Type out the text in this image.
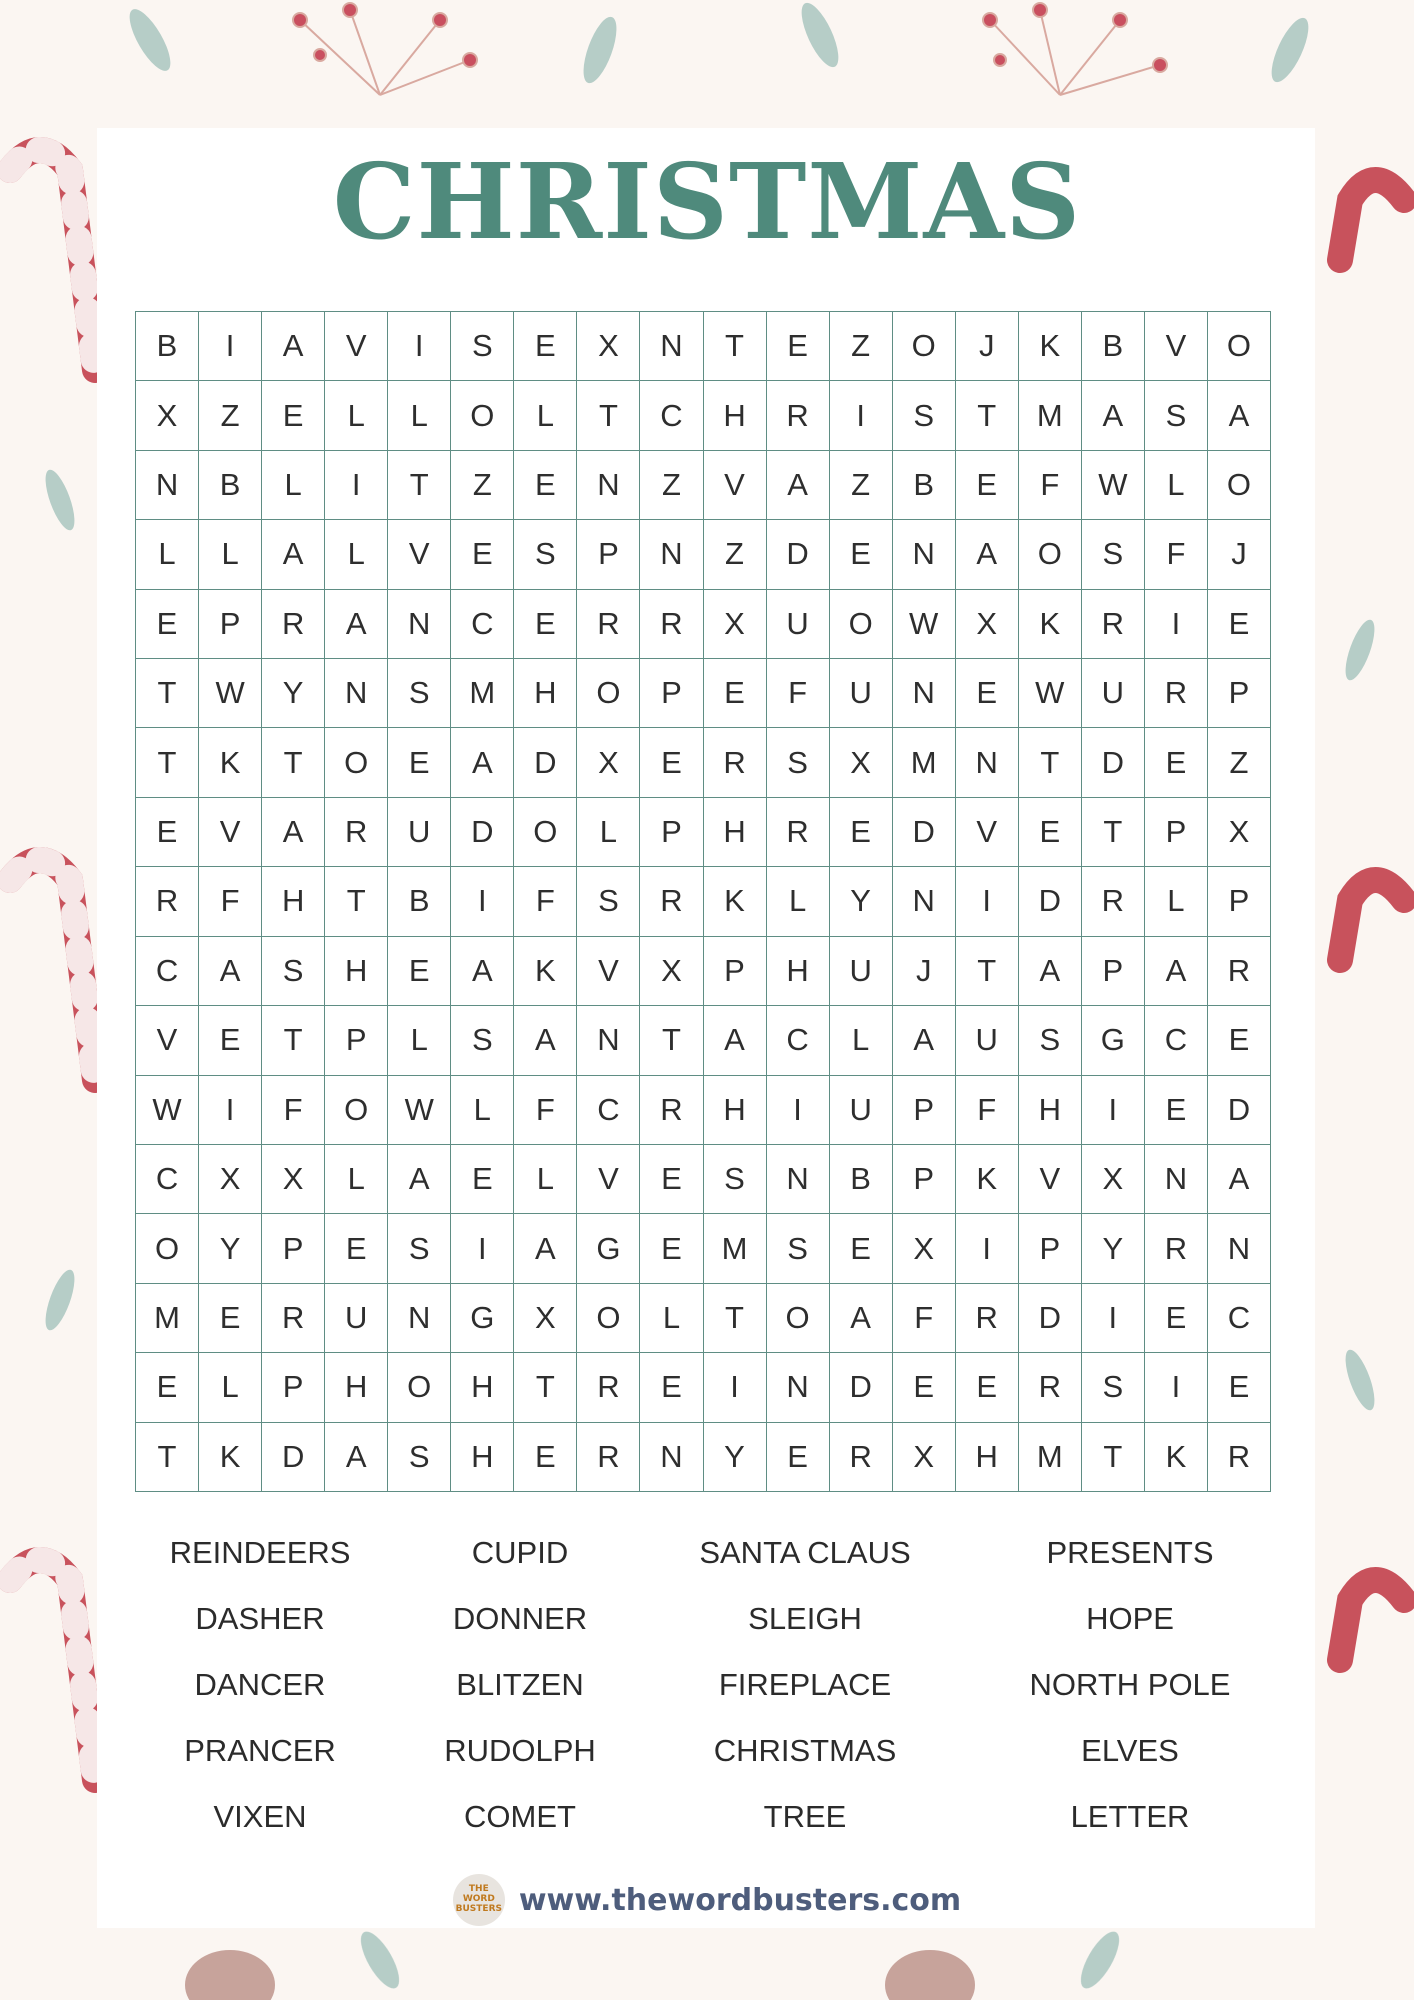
CHRISTMAS
B	I	A	V	I	S	E	X	N	T	E	Z	O	J	K	B	V	O
X	Z	E	L	L	O	L	T	C	H	R	I	S	T	M	A	S	A
N	B	L	I	T	Z	E	N	Z	V	A	Z	B	E	F	W	L	O
L	L	A	L	V	E	S	P	N	Z	D	E	N	A	O	S	F	J
E	P	R	A	N	C	E	R	R	X	U	O	W	X	K	R	I	E
T	W	Y	N	S	M	H	O	P	E	F	U	N	E	W	U	R	P
T	K	T	O	E	A	D	X	E	R	S	X	M	N	T	D	E	Z
E	V	A	R	U	D	O	L	P	H	R	E	D	V	E	T	P	X
R	F	H	T	B	I	F	S	R	K	L	Y	N	I	D	R	L	P
C	A	S	H	E	A	K	V	X	P	H	U	J	T	A	P	A	R
V	E	T	P	L	S	A	N	T	A	C	L	A	U	S	G	C	E
W	I	F	O	W	L	F	C	R	H	I	U	P	F	H	I	E	D
C	X	X	L	A	E	L	V	E	S	N	B	P	K	V	X	N	A
O	Y	P	E	S	I	A	G	E	M	S	E	X	I	P	Y	R	N
M	E	R	U	N	G	X	O	L	T	O	A	F	R	D	I	E	C
E	L	P	H	O	H	T	R	E	I	N	D	E	E	R	S	I	E
T	K	D	A	S	H	E	R	N	Y	E	R	X	H	M	T	K	R
REINDEERS	CUPID	SANTA CLAUS	PRESENTS
DASHER	DONNER	SLEIGH	HOPE
DANCER	BLITZEN	FIREPLACE	NORTH POLE
PRANCER	RUDOLPH	CHRISTMAS	ELVES
VIXEN	COMET	TREE	LETTER
THE WORD BUSTERS www.thewordbusters.com
